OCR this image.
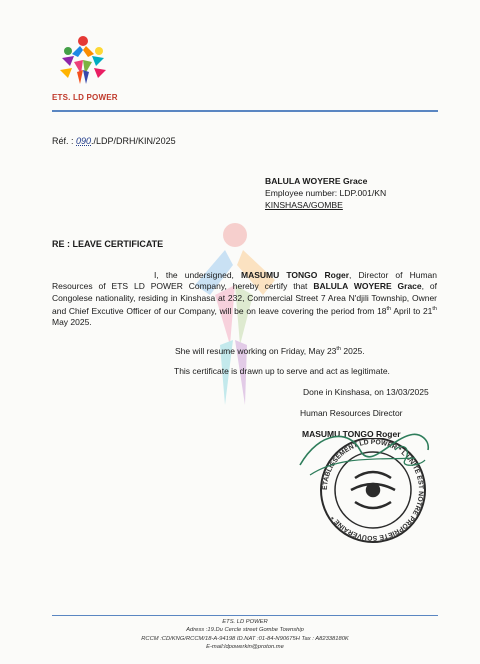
ETS. LD POWER
Réf. : 090./LDP/DRH/KIN/2025
BALULA WOYERE Grace
Employee number: LDP.001/KN
KINSHASA/GOMBE
RE : LEAVE CERTIFICATE
I, the undersigned, MASUMU TONGO Roger, Director of Human Resources of ETS LD POWER Company, hereby certify that BALULA WOYERE Grace, of Congolese nationality, residing in Kinshasa at 232, Commercial Street 7 Area N'djili Township, Owner and Chief Excutive Officer of our Company, will be on leave covering the period from 18th April to 21th May 2025.
She will resume working on Friday, May 23th 2025.
This certificate is drawn up to serve and act as legitimate.
Done in Kinshasa, on 13/03/2025
Human Resources Director
MASUMU TONGO Roger
ETABLISSEMENT LD POWER * L'UNITE EST NOTRE PROPRIETE SOUVERAINE *
ETS. LD POWER
Adress :19.Du Cercle street Gombe Township
RCCM :CD/KNG/RCCM/18-A-94198 ID.NAT :01-84-N90675H Tax : A82338180K
E-mail:ldpowerkin@proton.me
